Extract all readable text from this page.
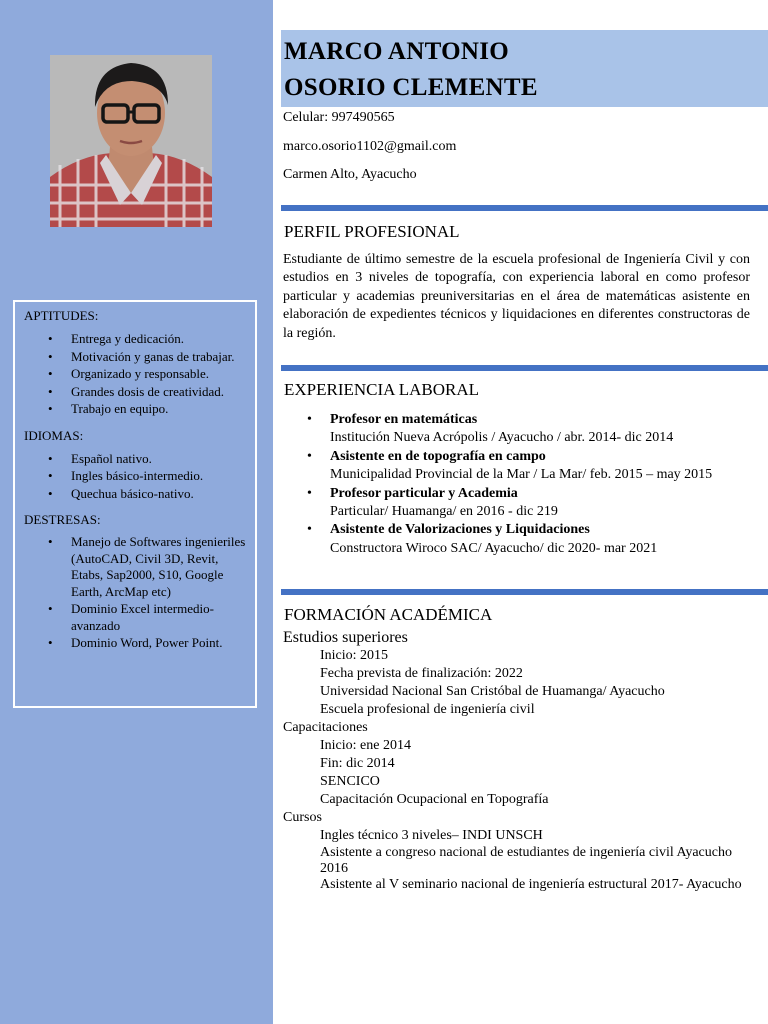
APTITUDES:
• Entrega y dedicación.
• Motivación y ganas de trabajar.
• Organizado y responsable.
• Grandes dosis de creatividad.
• Trabajo en equipo.
IDIOMAS:
• Español nativo.
• Ingles básico-intermedio.
• Quechua básico-nativo.
DESTRESAS:
• Manejo de Softwares ingenieriles (AutoCAD, Civil 3D, Revit, Etabs, Sap2000, S10, Google Earth, ArcMap etc)
• Dominio Excel intermedio-avanzado
• Dominio Word, Power Point.
MARCO ANTONIO
OSORIO CLEMENTE
Celular: 997490565
marco.osorio1102@gmail.com
Carmen Alto, Ayacucho
PERFIL PROFESIONAL
Estudiante de último semestre de la escuela profesional de Ingeniería Civil y con estudios en 3 niveles de topografía, con experiencia laboral en como profesor particular y academias preuniversitarias en el área de matemáticas asistente en elaboración de expedientes técnicos y liquidaciones en diferentes constructoras de la región.
EXPERIENCIA LABORAL
• Profesor en matemáticas
Institución Nueva Acrópolis / Ayacucho / abr. 2014- dic 2014
• Asistente en de topografía en campo
Municipalidad Provincial de la Mar / La Mar/ feb. 2015 – may 2015
• Profesor particular y Academia
Particular/ Huamanga/ en 2016 - dic 219
• Asistente de Valorizaciones y Liquidaciones
Constructora Wiroco SAC/ Ayacucho/ dic 2020- mar 2021
FORMACIÓN ACADÉMICA
Estudios superiores
Inicio: 2015
Fecha prevista de finalización: 2022
Universidad Nacional San Cristóbal de Huamanga/ Ayacucho
Escuela profesional de ingeniería civil
Capacitaciones
Inicio: ene 2014
Fin: dic 2014
SENCICO
Capacitación Ocupacional en Topografía
Cursos
Ingles técnico 3 niveles– INDI UNSCH
Asistente a congreso nacional de estudiantes de ingeniería civil Ayacucho 2016
Asistente al V seminario nacional de ingeniería estructural 2017- Ayacucho
